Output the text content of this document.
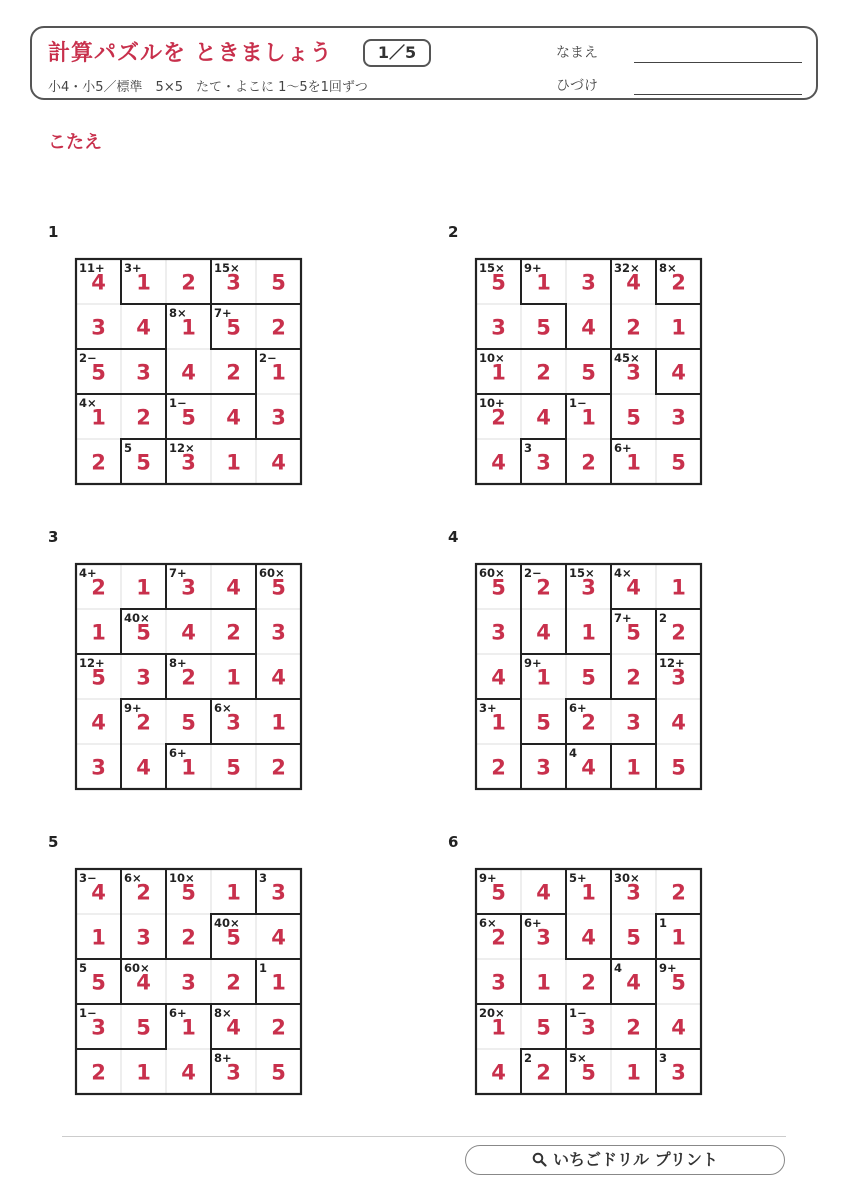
計算パズルを ときましょう	1／5
小4・小5／標準　5×5　たて・よこに 1〜5を1回ずつ
なまえ
ひづけ
こたえ
1
11+ 3+	15×
8× 7+
2−	2−
4×	1−
5	12×
4 1 2 3 5
3 4 1 5 2
5 3 4 2 1
1 2 5 4 3
2 5 3 1 4
2
15× 9+	32× 8×
10×	45×
10+	1−
3	6+
5 1 3 4 2
3 5 4 2 1
1 2 5 3 4
2 4 1 5 3
4 3 2 1 5
3
4+	7+	60×
40×
12+	8+
9+	6×
6+
2 1 3 4 5
1 5 4 2 3
5 3 2 1 4
4 2 5 3 1
3 4 1 5 2
4
60× 2− 15× 4×
7+ 2
9+	12+
3+	6+
4
5 2 3 4 1
3 4 1 5 2
4 1 5 2 3
1 5 2 3 4
2 3 4 1 5
5
3− 6× 10×	3
40×
5	60×	1
1−	6+ 8×
8+
4 2 5 1 3
1 3 2 5 4
5 4 3 2 1
3 5 1 4 2
2 1 4 3 5
6
9+	5+ 30×
6× 6+	1
4	9+
20×	1−
2	5×	3
5 4 1 3 2
2 3 4 5 1
3 1 2 4 5
1 5 3 2 4
4 2 5 1 3
いちごドリル プリント
